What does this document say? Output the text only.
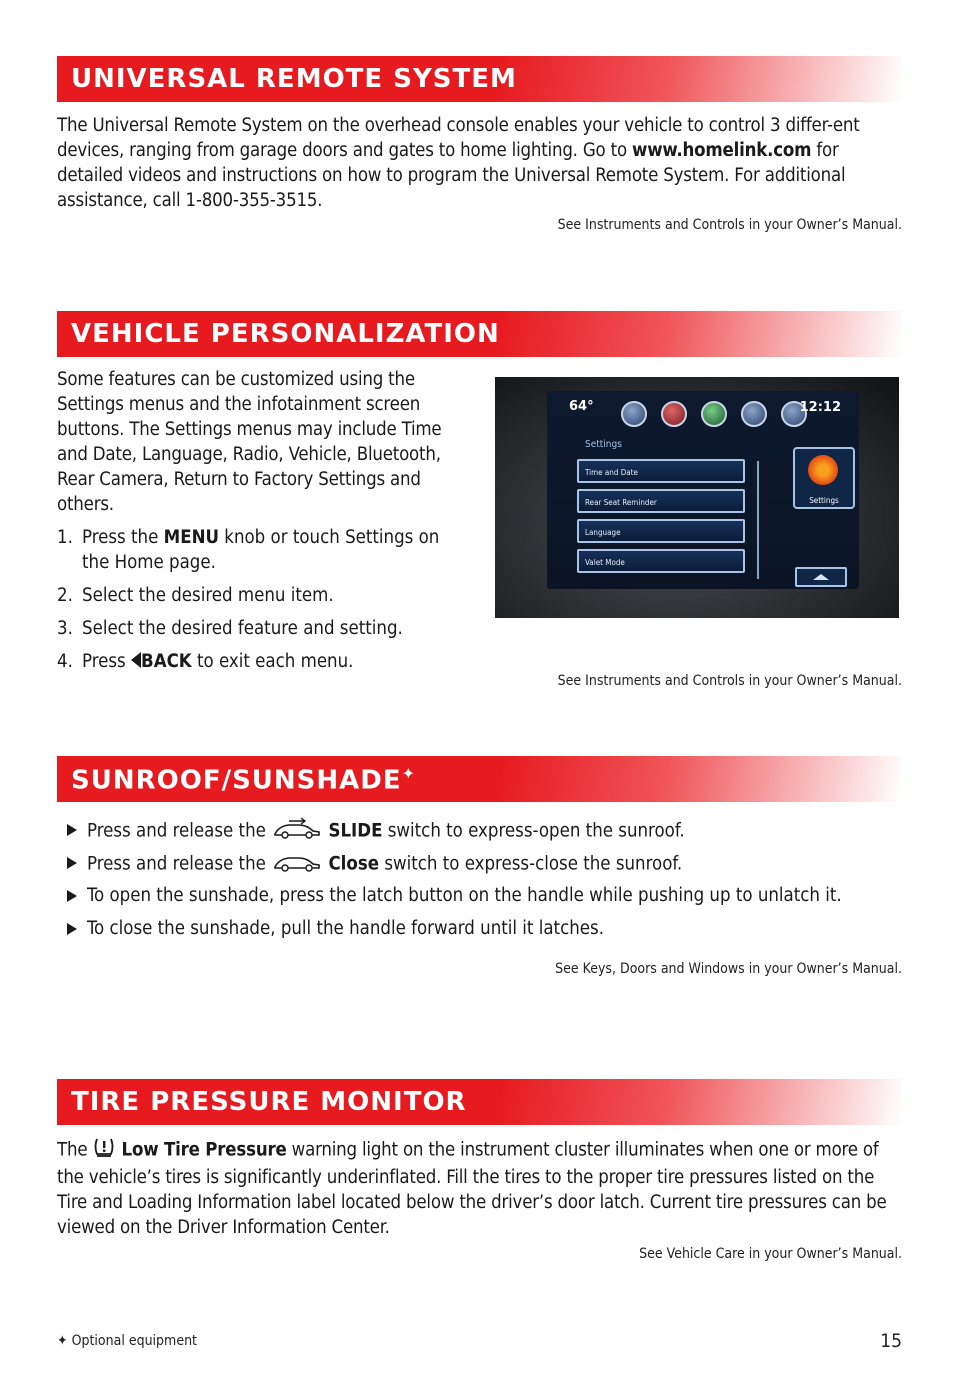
UNIVERSAL REMOTE SYSTEM

The Universal Remote System on the overhead console enables your vehicle to control 3 differ-ent devices, ranging from garage doors and gates to home lighting. Go to www.homelink.com for detailed videos and instructions on how to program the Universal Remote System. For additional assistance, call 1-800-355-3515.

See Instruments and Controls in your Owner’s Manual.
VEHICLE PERSONALIZATION

Some features can be customized using the Settings menus and the infotainment screen buttons. The Settings menus may include Time and Date, Language, Radio, Vehicle, Bluetooth, Rear Camera, Return to Factory Settings and others.

1. Press the MENU knob or touch Settings on the Home page.
2. Select the desired menu item.
3. Select the desired feature and setting.
4. Press BACK to exit each menu.
64°	12:12
Settings
Time and Date
Rear Seat Reminder
Language
Valet Mode
Settings
See Instruments and Controls in your Owner’s Manual.
SUNROOF/SUNSHADE✦
Press and release the	SLIDE switch to express-open the sunroof.
Press and release the	Close switch to express-close the sunroof.
To open the sunshade, press the latch button on the handle while pushing up to unlatch it.
To close the sunshade, pull the handle forward until it latches.
See Keys, Doors and Windows in your Owner’s Manual.
TIRE PRESSURE MONITOR

The  Low Tire Pressure warning light on the instrument cluster illuminates when one or more of the vehicle’s tires is significantly underinflated. Fill the tires to the proper tire pressures listed on the Tire and Loading Information label located below the driver’s door latch. Current tire pressures can be viewed on the Driver Information Center.

See Vehicle Care in your Owner’s Manual.
✦ Optional equipment	15
